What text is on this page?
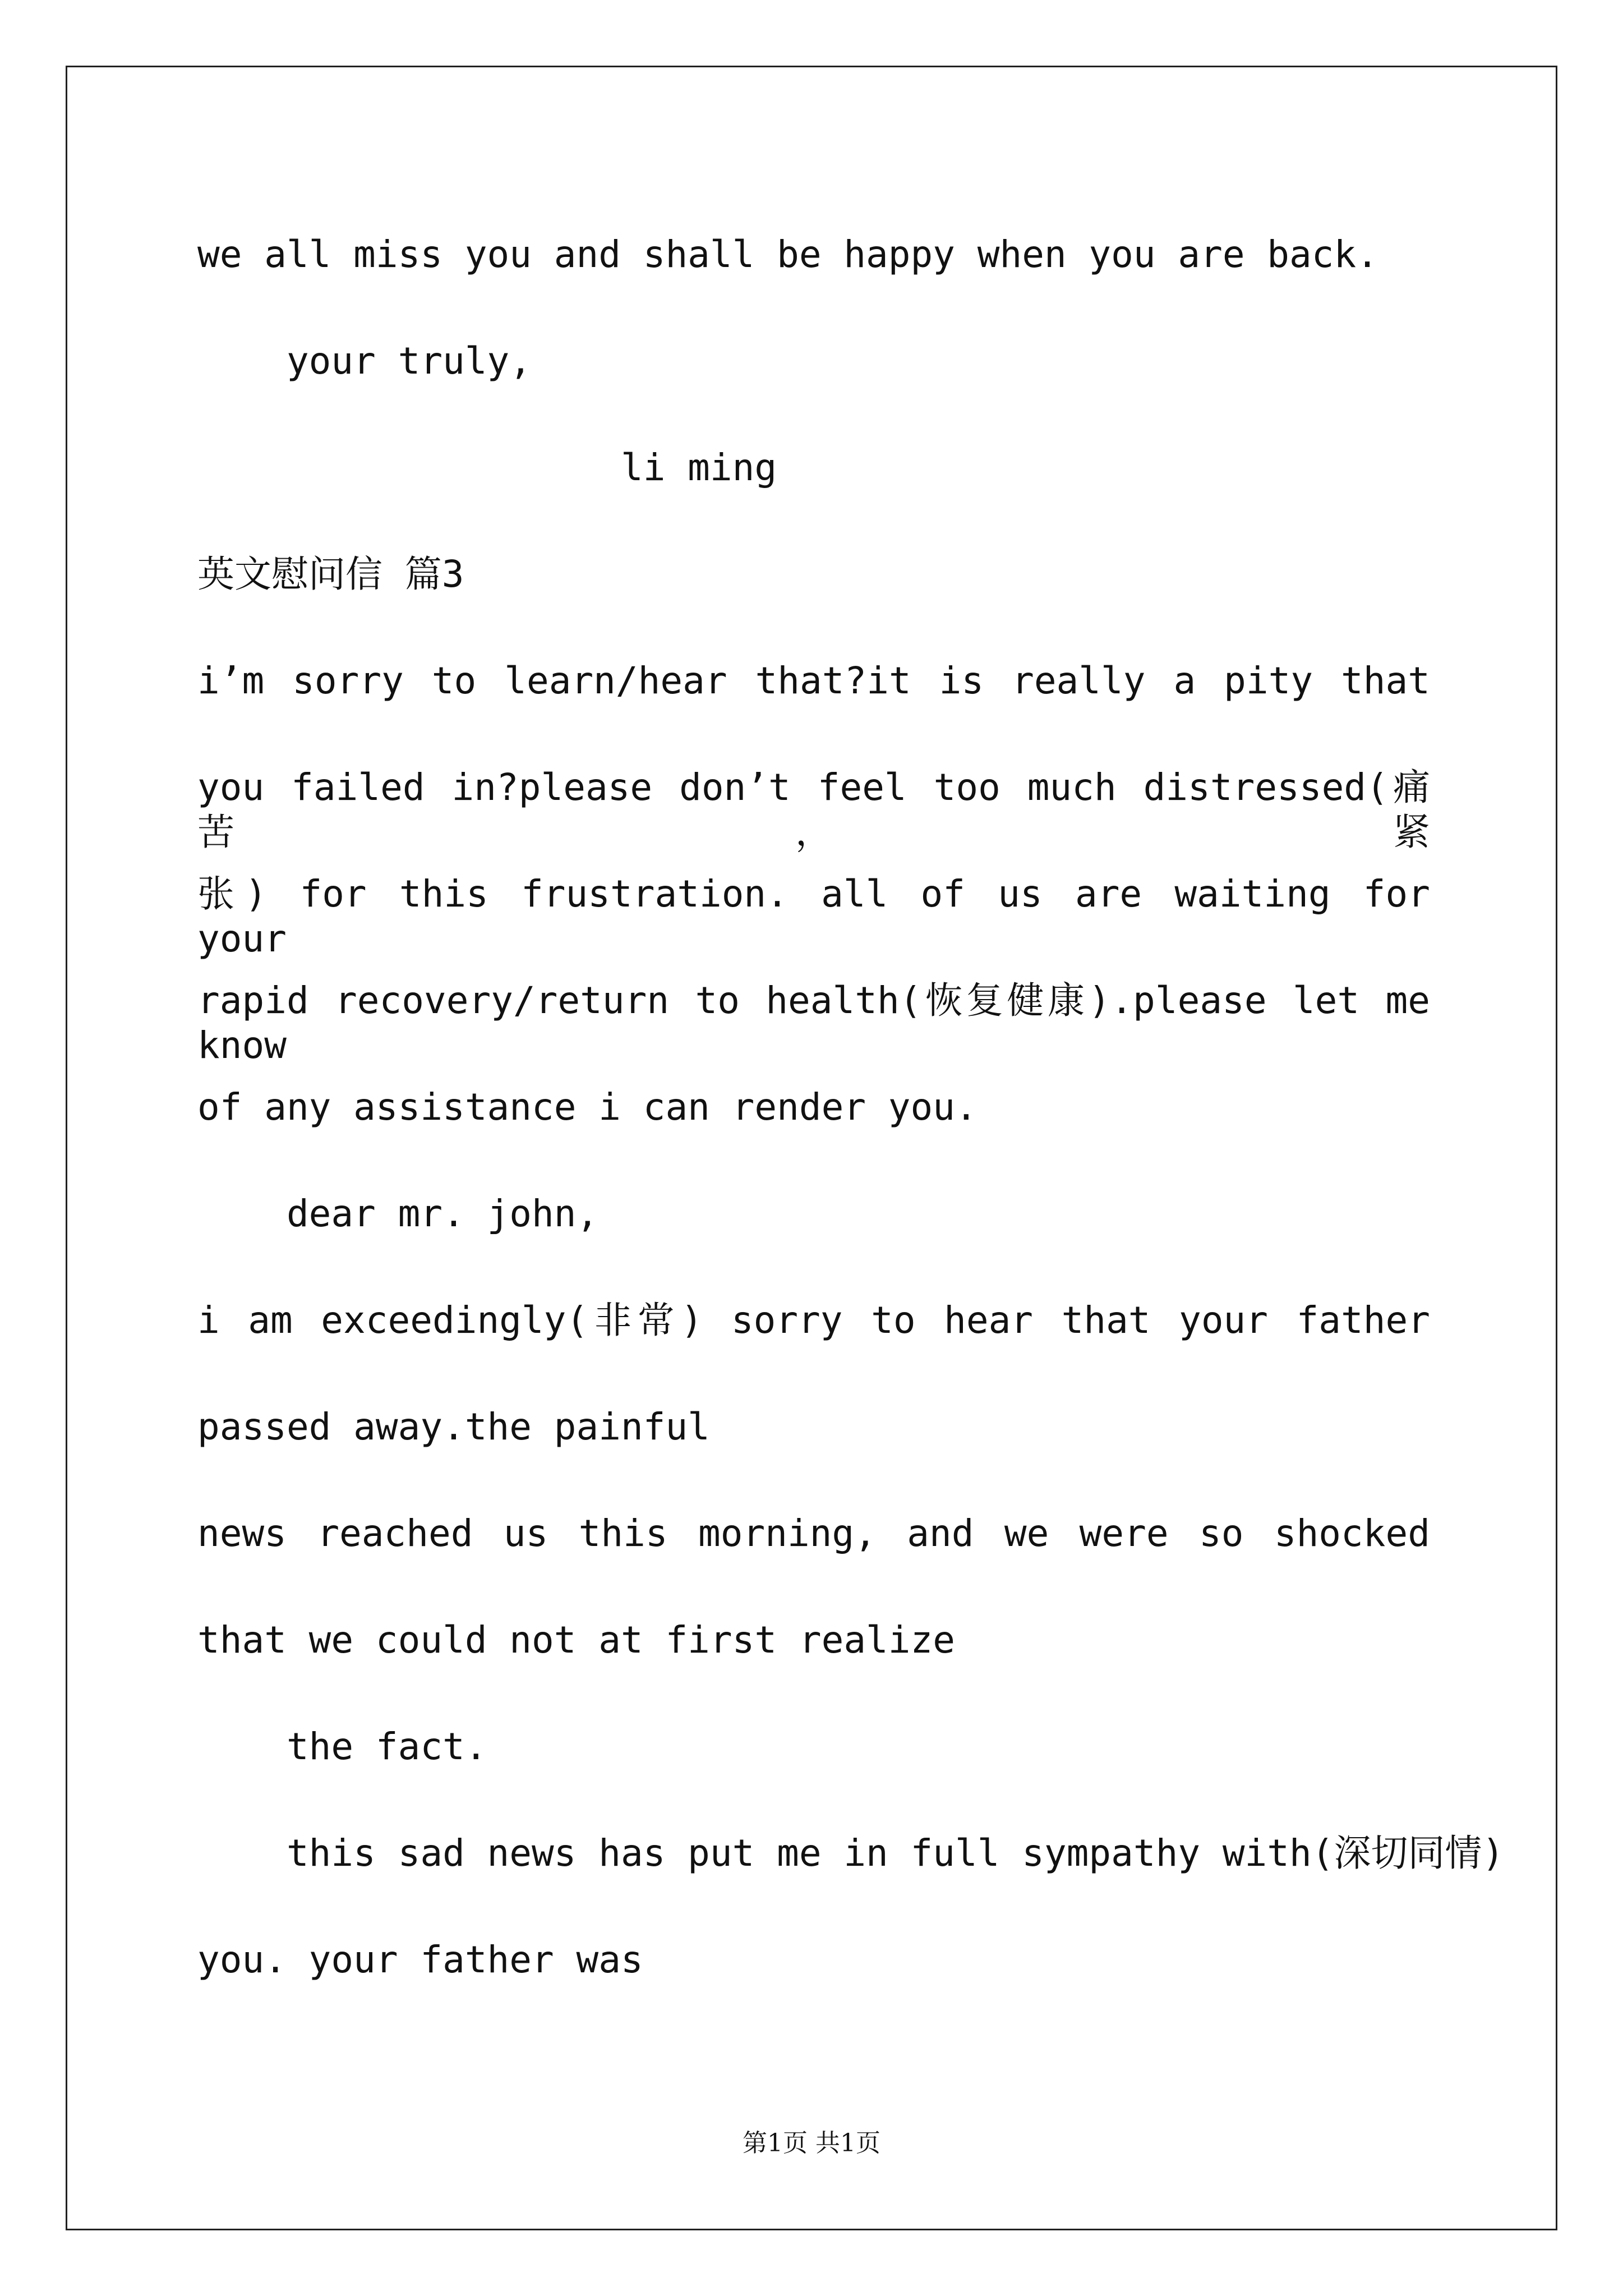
we all miss you and shall be happy when you are back.
your truly,
li ming
英文慰问信 篇3
i’m sorry to learn/hear that?it is really a pity that
you failed in?please don’t feel too much distressed(痛苦，紧
张) for this frustration. all of us are waiting for your
rapid recovery/return to health(恢复健康).please let me know
of any assistance i can render you.
dear mr. john,
i am exceedingly(非常) sorry to hear that your father
passed away.the painful
news reached us this morning, and we were so shocked
that we could not at first realize
the fact.
this sad news has put me in full sympathy with(深切同情)
you. your father was
第1页 共1页
